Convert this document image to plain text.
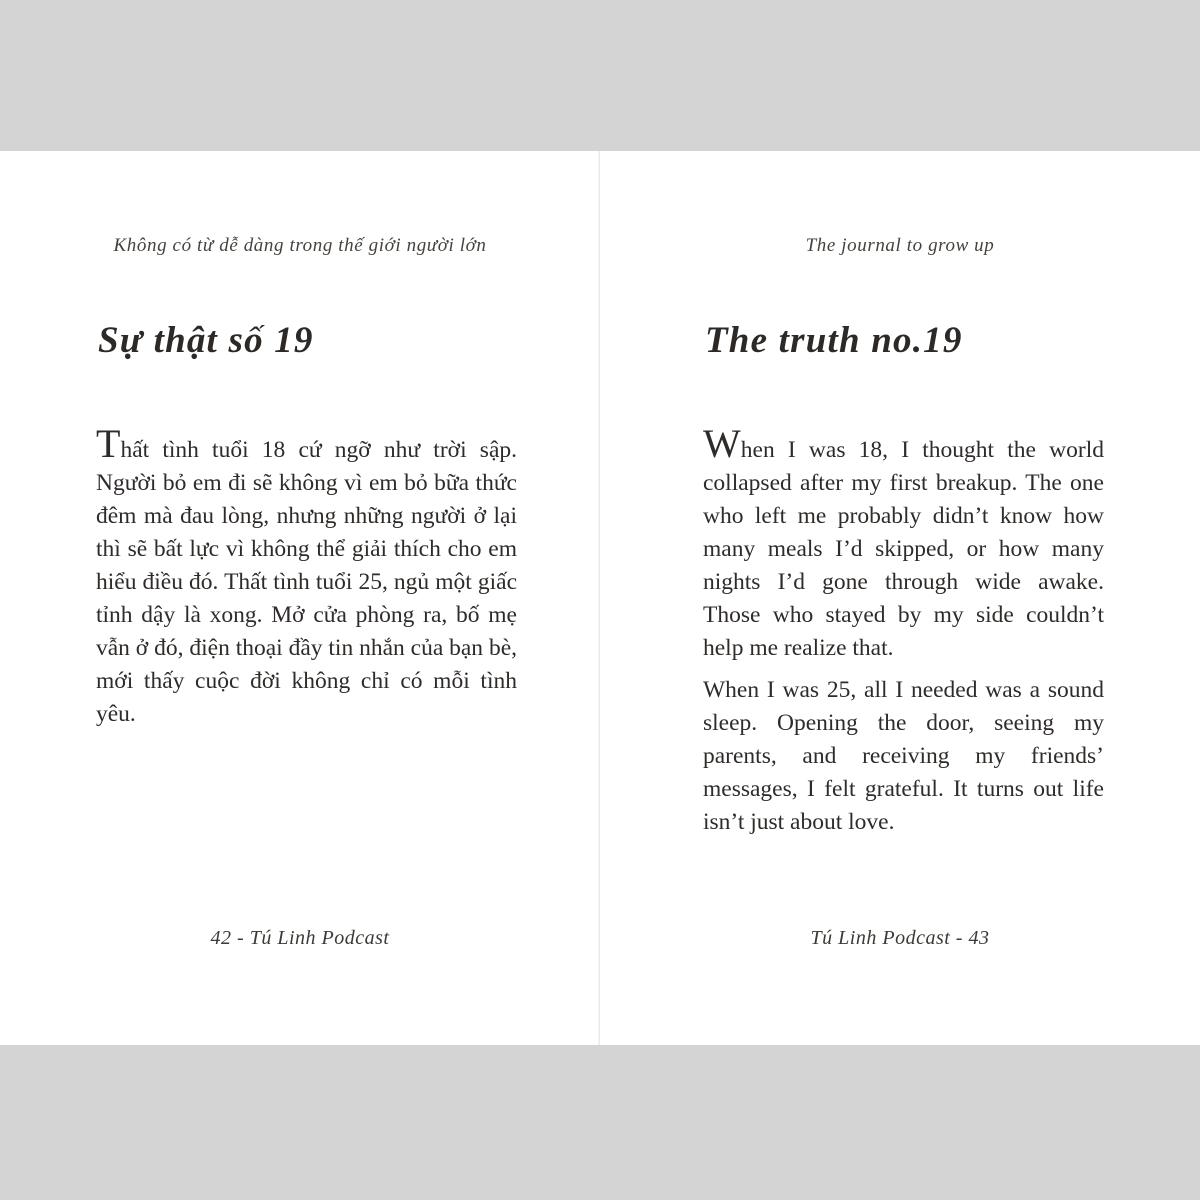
Không có từ dễ dàng trong thế giới người lớn
Sự thật số 19

Thất tình tuổi 18 cứ ngỡ như trời sập. Người bỏ em đi sẽ không vì em bỏ bữa thức đêm mà đau lòng, nhưng những người ở lại thì sẽ bất lực vì không thể giải thích cho em hiểu điều đó. Thất tình tuổi 25, ngủ một giấc tỉnh dậy là xong. Mở cửa phòng ra, bố mẹ vẫn ở đó, điện thoại đầy tin nhắn của bạn bè, mới thấy cuộc đời không chỉ có mỗi tình yêu.

42 - Tú Linh Podcast
The journal to grow up
The truth no.19

When I was 18, I thought the world collapsed after my first breakup. The one who left me probably didn’t know how many meals I’d skipped, or how many nights I’d gone through wide awake. Those who stayed by my side couldn’t help me realize that.

When I was 25, all I needed was a sound sleep. Opening the door, seeing my parents, and receiving my friends’ messages, I felt grateful. It turns out life isn’t just about love.

Tú Linh Podcast - 43
